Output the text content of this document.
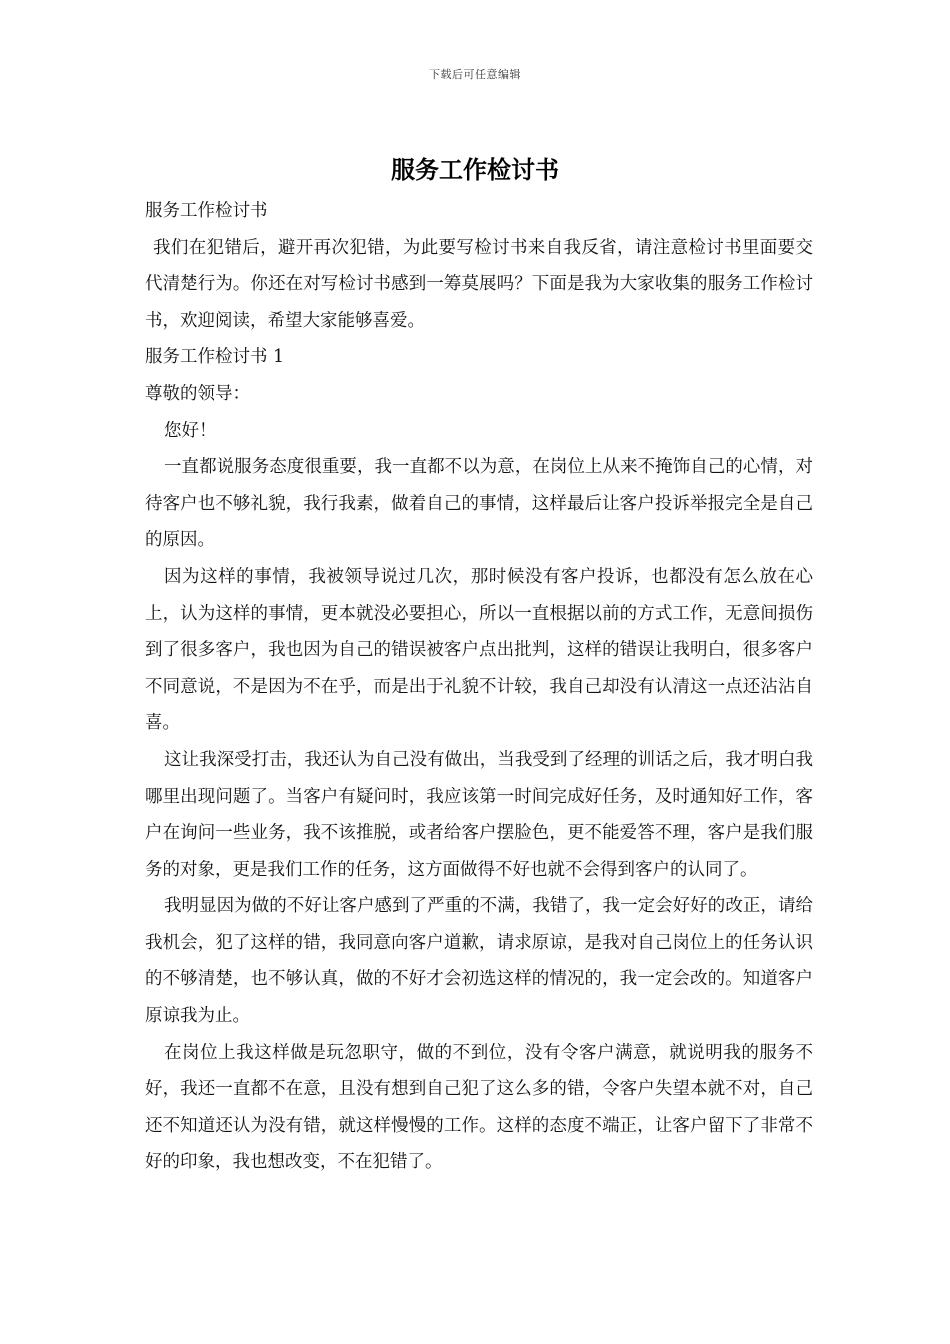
下载后可任意编辑
服务工作检讨书

服务工作检讨书

我们在犯错后，避开再次犯错，为此要写检讨书来自我反省，请注意检讨书里面要交代清楚行为。你还在对写检讨书感到一筹莫展吗？下面是我为大家收集的服务工作检讨书，欢迎阅读，希望大家能够喜爱。

服务工作检讨书 1

尊敬的领导：

您好！

一直都说服务态度很重要，我一直都不以为意，在岗位上从来不掩饰自己的心情，对待客户也不够礼貌，我行我素，做着自己的事情，这样最后让客户投诉举报完全是自己的原因。

因为这样的事情，我被领导说过几次，那时候没有客户投诉，也都没有怎么放在心上，认为这样的事情，更本就没必要担心，所以一直根据以前的方式工作，无意间损伤到了很多客户，我也因为自己的错误被客户点出批判，这样的错误让我明白，很多客户不同意说，不是因为不在乎，而是出于礼貌不计较，我自己却没有认清这一点还沾沾自喜。

这让我深受打击，我还认为自己没有做出，当我受到了经理的训话之后，我才明白我哪里出现问题了。当客户有疑问时，我应该第一时间完成好任务，及时通知好工作，客户在询问一些业务，我不该推脱，或者给客户摆脸色，更不能爱答不理，客户是我们服务的对象，更是我们工作的任务，这方面做得不好也就不会得到客户的认同了。

我明显因为做的不好让客户感到了严重的不满，我错了，我一定会好好的改正，请给我机会，犯了这样的错，我同意向客户道歉，请求原谅，是我对自己岗位上的任务认识的不够清楚，也不够认真，做的不好才会初选这样的情况的，我一定会改的。知道客户原谅我为止。

在岗位上我这样做是玩忽职守，做的不到位，没有令客户满意，就说明我的服务不好，我还一直都不在意，且没有想到自己犯了这么多的错，令客户失望本就不对，自己还不知道还认为没有错，就这样慢慢的工作。这样的态度不端正，让客户留下了非常不好的印象，我也想改变，不在犯错了。
